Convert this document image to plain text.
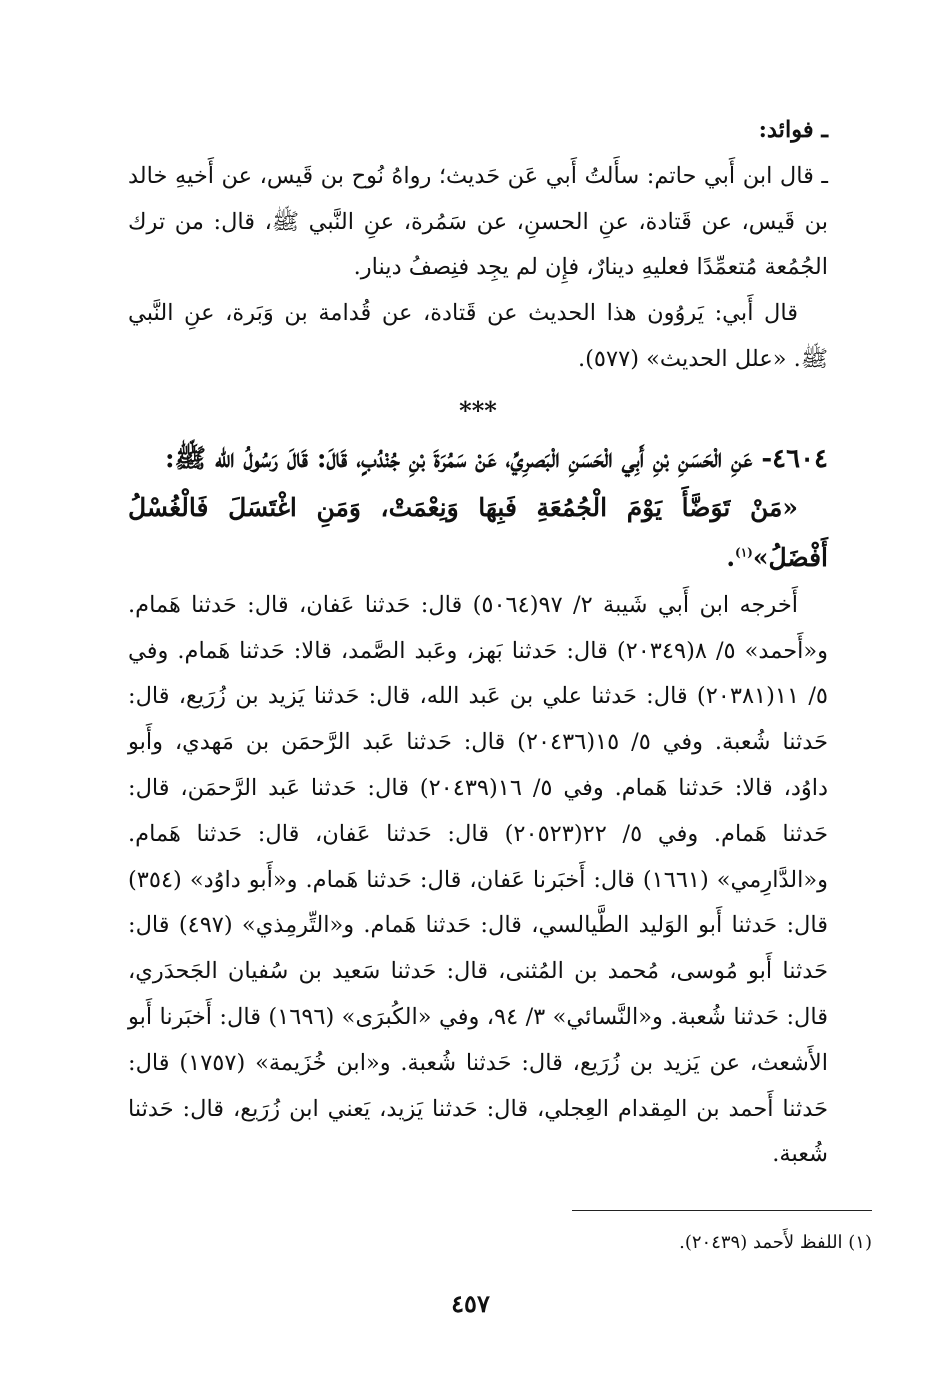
ـ فوائد:

ـ قال ابن أَبي حاتم: سأَلتُ أَبي عَن حَديث؛ رواهُ نُوح بن قَيس، عن أَخيهِ خالد بن قَيس، عن قَتادة، عنِ الحسنِ، عن سَمُرة، عنِ النَّبي ﷺ، قال: من ترك الجُمُعة مُتعمِّدًا فعليهِ دينارٌ، فإِن لم يجِد فنِصفُ دينار.

قال أَبي: يَروُون هذا الحديث عن قَتادة، عن قُدامة بن وَبَرة، عنِ النَّبي ﷺ. «علل الحديث» (٥٧٧).

***

٤٦٠٤- عَنِ الْحَسَنِ بْنِ أَبِي الْحَسَنِ الْبَصرِيِّ، عَنْ سَمُرَةَ بْنِ جُنْدُبٍ، قَالَ: قَالَ رَسُولُ الله ﷺ:

«مَنْ تَوَضَّأَ يَوْمَ الْجُمُعَةِ فَبِهَا وَنِعْمَتْ، وَمَنِ اغْتَسَلَ فَالْغُسْلُ أَفْضَلُ»$^{(١)}$.

أَخرجه ابن أَبي شَيبة ٢/ ٩٧(٥٠٦٤) قال: حَدثنا عَفان، قال: حَدثنا هَمام. و«أَحمد» ٥/ ٨(٢٠٣٤٩) قال: حَدثنا بَهز، وعَبد الصَّمد، قالا: حَدثنا هَمام. وفي ٥/ ١١(٢٠٣٨١) قال: حَدثنا علي بن عَبد الله، قال: حَدثنا يَزيد بن زُرَيع، قال: حَدثنا شُعبة. وفي ٥/ ١٥(٢٠٤٣٦) قال: حَدثنا عَبد الرَّحمَن بن مَهدي، وأَبو داوُد، قالا: حَدثنا هَمام. وفي ٥/ ١٦(٢٠٤٣٩) قال: حَدثنا عَبد الرَّحمَن، قال: حَدثنا هَمام. وفي ٥/ ٢٢(٢٠٥٢٣) قال: حَدثنا عَفان، قال: حَدثنا هَمام. و«الدَّارِمي» (١٦٦١) قال: أَخبَرنا عَفان، قال: حَدثنا هَمام. و«أَبو داوُد» (٣٥٤) قال: حَدثنا أَبو الوَليد الطَّيالسي، قال: حَدثنا هَمام. و«التِّرمِذي» (٤٩٧) قال: حَدثنا أَبو مُوسى، مُحمد بن المُثنى، قال: حَدثنا سَعيد بن سُفيان الجَحدَري، قال: حَدثنا شُعبة. و«النَّسائي» ٣/ ٩٤، وفي «الكُبرَى» (١٦٩٦) قال: أَخبَرنا أَبو الأَشعث، عن يَزيد بن زُرَيع، قال: حَدثنا شُعبة. و«ابن خُزَيمة» (١٧٥٧) قال: حَدثنا أَحمد بن المِقدام العِجلي، قال: حَدثنا يَزيد، يَعني ابن زُرَيع، قال: حَدثنا شُعبة.

(١) اللفظ لأَحمد (٢٠٤٣٩).
٤٥٧
